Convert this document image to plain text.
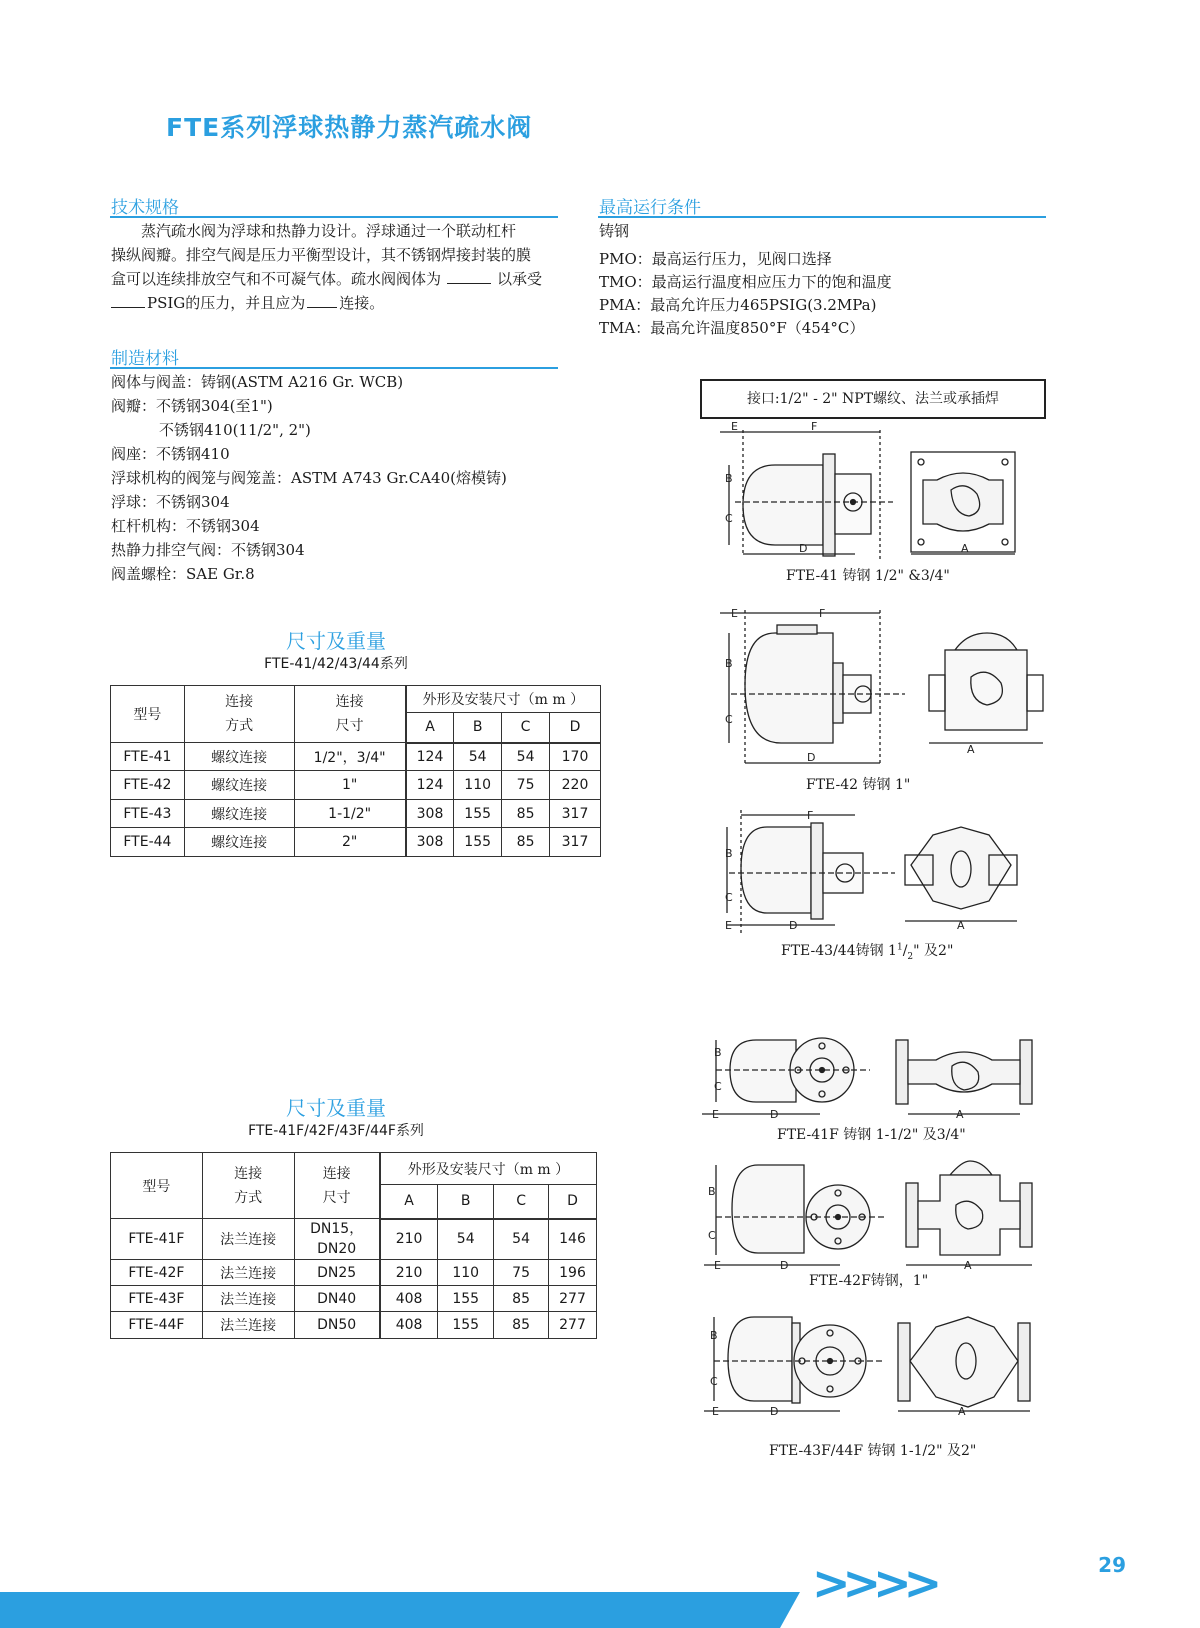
FTE系列浮球热静力蒸汽疏水阀
技术规格
蒸汽疏水阀为浮球和热静力设计。浮球通过一个联动杠杆
操纵阀瓣。排空气阀是压力平衡型设计，其不锈钢焊接封装的膜
盒可以连续排放空气和不可凝气体。疏水阀阀体为	以承受
PSIG的压力，并且应为 连接。
制造材料
阀体与阀盖：铸钢(ASTM A216 Gr. WCB)
阀瓣：不锈钢304(至1")
不锈钢410(11/2", 2")
阀座：不锈钢410
浮球机构的阀笼与阀笼盖：ASTM A743 Gr.CA40(熔模铸)
浮球：不锈钢304
杠杆机构：不锈钢304
热静力排空气阀：不锈钢304
阀盖螺栓：SAE Gr.8
最高运行条件
铸钢
PMO：最高运行压力，见阀口选择
TMO：最高运行温度相应压力下的饱和温度
PMA：最高允许压力465PSIG(3.2MPa)
TMA：最高允许温度850°F（454°C）
接口:1/2" - 2" NPT螺纹、法兰或承插焊
尺寸及重量
FTE-41/42/43/44系列
型号	连接
方式	连接
尺寸	外形及安装尺寸（m m ）			
			A	B	C	D
FTE-41	螺纹连接	1/2"，3/4"	124	54	54	170
FTE-42	螺纹连接	1"	124	110	75	220
FTE-43	螺纹连接	1-1/2"	308	155	85	317
FTE-44	螺纹连接	2"	308	155	85	317
尺寸及重量
FTE-41F/42F/43F/44F系列
型号	连接
方式	连接
尺寸	外形及安装尺寸（m m ）			
			A	B	C	D
FTE-41F	法兰连接	DN15，
DN20	210	54	54	146
FTE-42F	法兰连接	DN25	210	110	75	196
FTE-43F	法兰连接	DN40	408	155	85	277
FTE-44F	法兰连接	DN50	408	155	85	277
E	F
B
C
D	A
FTE-41 铸钢 1/2" &3/4"
E	F
B
C
D
A
FTE-42 铸钢 1"
F
B
C
E	D	A
FTE-43/44铸钢 $1^1/_2$" 及2"
B
C
E	D	A
FTE-41F 铸钢 1-1/2" 及3/4"
B
C
E	D	A
FTE-42F铸钢，1"
B
C
E	D	A
FTE-43F/44F 铸钢 1-1/2" 及2"
>>>>	29
